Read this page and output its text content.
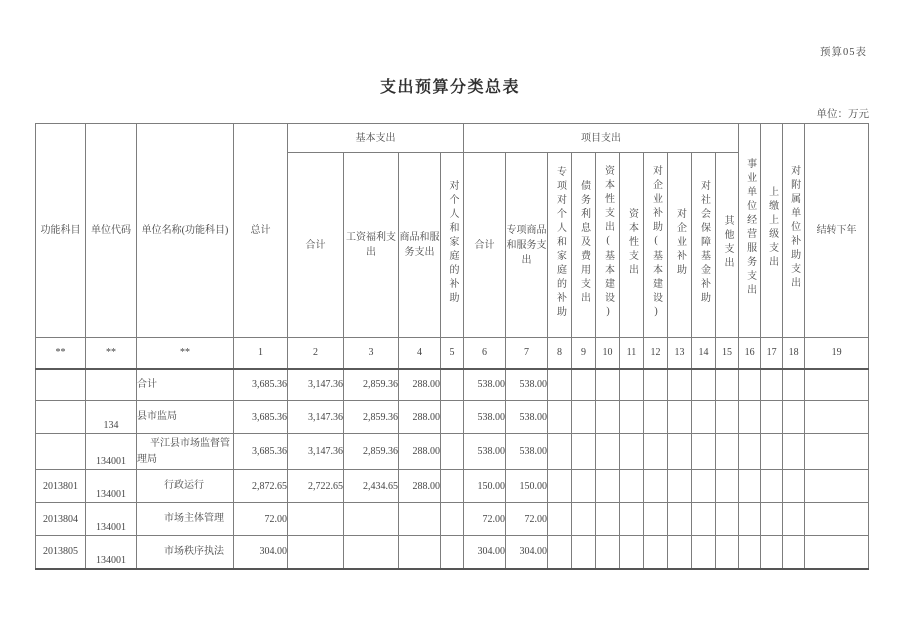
预算05表
支出预算分类总表
单位：万元
功能科目	单位代码	单位名称(功能科目)	总计	基本支出				项目支出										事业单位经营服务支出	上缴上级支出	对附属单位补助支出	结转下年
				合计	工资福利支出	商品和服务支出	对个人和家庭的补助	合计	专项商品和服务支出	专项对个人和家庭的补助	债务利息及费用支出	资本性支出(基本建设)	资本性支出	对企业补助(基本建设)	对企业补助	对社会保障基金补助	其他支出				
**	**	**	1	2	3	4	5	6	7	8	9	10	11	12	13	14	15	16	17	18	19
		合计	3,685.36	3,147.36	2,859.36	288.00		538.00	538.00												
	134	县市监局	3,685.36	3,147.36	2,859.36	288.00		538.00	538.00												
	134001	平江县市场监督管理局	3,685.36	3,147.36	2,859.36	288.00		538.00	538.00												
2013801	134001	行政运行	2,872.65	2,722.65	2,434.65	288.00		150.00	150.00												
2013804	134001	市场主体管理	72.00					72.00	72.00												
2013805	134001	市场秩序执法	304.00					304.00	304.00												
